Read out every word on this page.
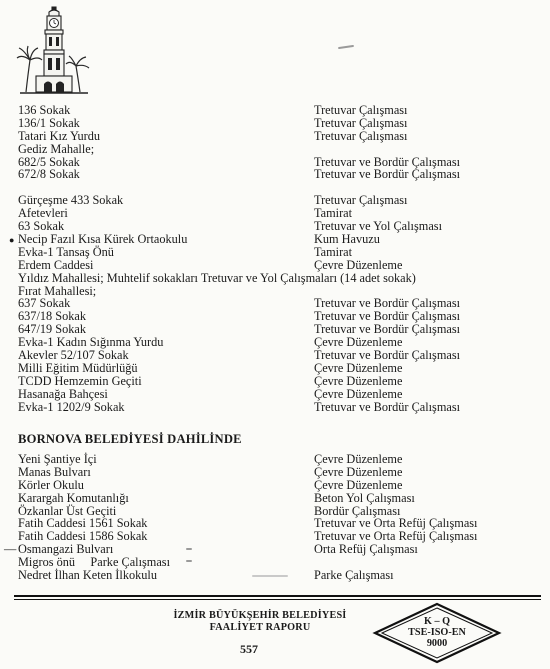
136 Sokak	Tretuvar Çalışması
136/1 Sokak	Tretuvar Çalışması
Tatari Kız Yurdu	Tretuvar Çalışması
Gediz Mahalle;
682/5 Sokak	Tretuvar ve Bordür Çalışması
672/8 Sokak	Tretuvar ve Bordür Çalışması
Gürçeşme 433 Sokak	Tretuvar Çalışması
Afetevleri	Tamirat
63 Sokak	Tretuvar ve Yol Çalışması
● Necip Fazıl Kısa Kürek Ortaokulu	Kum Havuzu
Evka-1 Tansaş Önü	Tamirat
Erdem Caddesi	Çevre Düzenleme
Yıldız Mahallesi; Muhtelif sokakları Tretuvar ve Yol Çalışmaları (14 adet sokak)
Fırat Mahallesi;
637 Sokak	Tretuvar ve Bordür Çalışması
637/18 Sokak	Tretuvar ve Bordür Çalışması
647/19 Sokak	Tretuvar ve Bordür Çalışması
Evka-1 Kadın Sığınma Yurdu	Çevre Düzenleme
Akevler 52/107 Sokak	Tretuvar ve Bordür Çalışması
Milli Eğitim Müdürlüğü	Çevre Düzenleme
TCDD Hemzemin Geçiti	Çevre Düzenleme
Hasanağa Bahçesi	Çevre Düzenleme
Evka-1 1202/9 Sokak	Tretuvar ve Bordür Çalışması
BORNOVA BELEDİYESİ DAHİLİNDE
Yeni Şantiye İçi	Çevre Düzenleme
Manas Bulvarı	Çevre Düzenleme
Körler Okulu	Çevre Düzenleme
Karargah Komutanlığı	Beton Yol Çalışması
Özkanlar Üst Geçiti	Bordür Çalışması
Fatih Caddesi 1561 Sokak	Tretuvar ve Orta Refüj Çalışması
Fatih Caddesi 1586 Sokak	Tretuvar ve Orta Refüj Çalışması
— Osmangazi Bulvarı	Orta Refüj Çalışması
Migros önü     Parke Çalışması
Nedret İlhan Keten İlkokulu	Parke Çalışması
İZMİR BÜYÜKŞEHİR BELEDİYESİ
FAALİYET RAPORU
557
K – Q
TSE-ISO-EN
9000
